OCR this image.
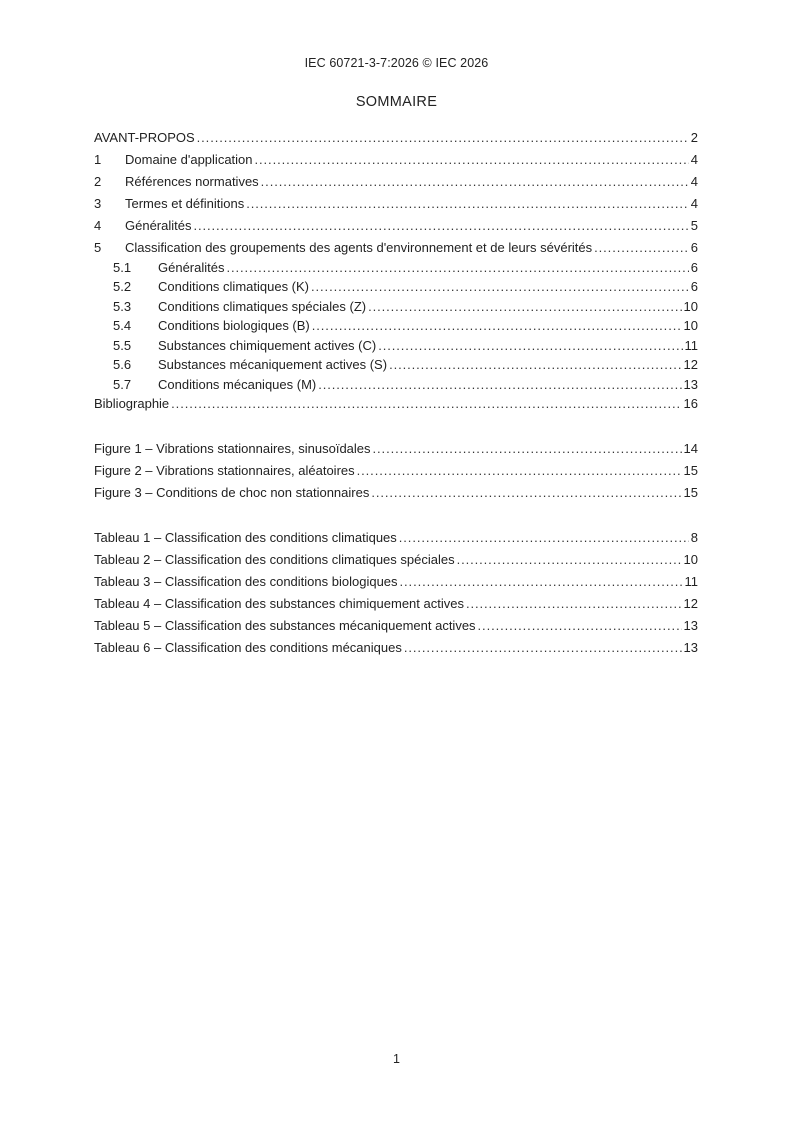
IEC 60721-3-7:2026 © IEC 2026
SOMMAIRE
AVANT-PROPOS .....	2
1	Domaine d'application .....	4
2	Références normatives .....	4
3	Termes et définitions .....	4
4	Généralités .....	5
5	Classification des groupements des agents d'environnement et de leurs sévérités .....	6
5.1	Généralités .....	6
5.2	Conditions climatiques (K) .....	6
5.3	Conditions climatiques spéciales (Z) .....	10
5.4	Conditions biologiques (B) .....	10
5.5	Substances chimiquement actives (C) .....	11
5.6	Substances mécaniquement actives (S) .....	12
5.7	Conditions mécaniques (M) .....	13
Bibliographie .....	16
Figure 1 – Vibrations stationnaires, sinusoïdales .....	14
Figure 2 – Vibrations stationnaires, aléatoires .....	15
Figure 3 – Conditions de choc non stationnaires .....	15
Tableau 1 – Classification des conditions climatiques .....	8
Tableau 2 – Classification des conditions climatiques spéciales .....	10
Tableau 3 – Classification des conditions biologiques .....	11
Tableau 4 – Classification des substances chimiquement actives .....	12
Tableau 5 – Classification des substances mécaniquement actives .....	13
Tableau 6 – Classification des conditions mécaniques .....	13
1
